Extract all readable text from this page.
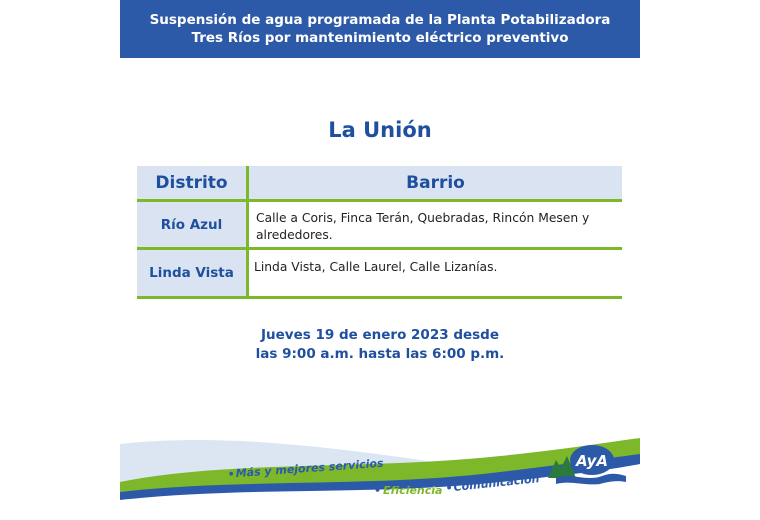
Suspensión de agua programada de la Planta Potabilizadora
Tres Ríos por mantenimiento eléctrico preventivo
La Unión
Distrito	Barrio
Río Azul	Calle a Coris, Finca Terán, Quebradas, Rincón Mesen y alrededores.
Linda Vista	Linda Vista, Calle Laurel, Calle Lizanías.
Jueves 19 de enero 2023 desde
las 9:00 a.m. hasta las 6:00 p.m.
• Más y mejores servicios
• Eficiencia • Comunicación
AyA
